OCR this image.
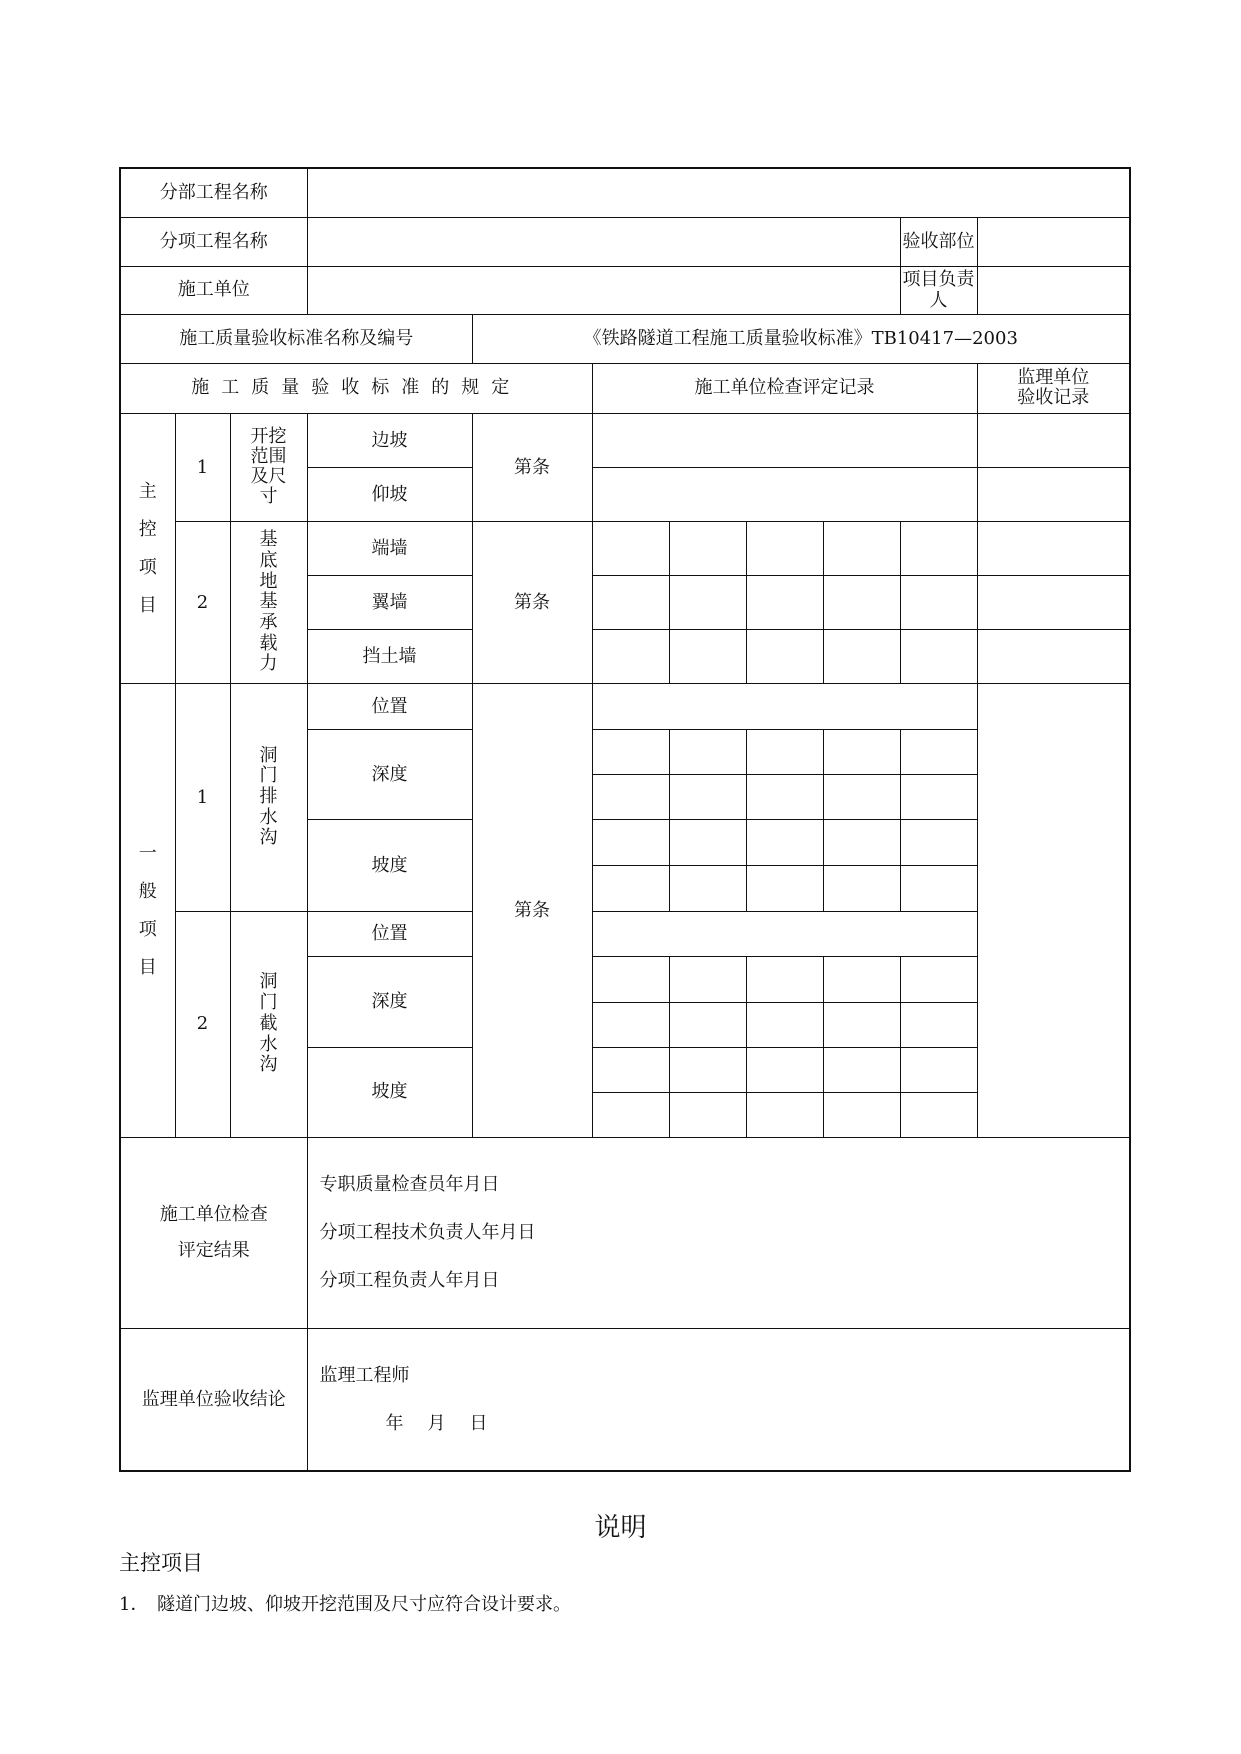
分部工程名称										
分项工程名称									验收部位	
施工单位									项目负责人	
施工质量验收标准名称及编号				《铁路隧道工程施工质量验收标准》TB10417—2003						
施工质量验收标准的规定					施工单位检查评定记录					监理单位验收记录
主控项目	1	开挖范围及尺寸	边坡	第条						
			仰坡							
	2	基底地基承载力	端墙	第条						
			翼墙							
			挡土墙							
一般项目	1	洞门排水沟	位置	第条						
			深度							

			坡度							

	2	洞门截水沟	位置							
			深度							

			坡度							

施工单位检查评定结果			专职质量检查员年月日
分项工程技术负责人年月日
分项工程负责人年月日							

监理单位验收结论			监理工程师
年 月 日							
说明
主控项目
1． 隧道门边坡、仰坡开挖范围及尺寸应符合设计要求。
